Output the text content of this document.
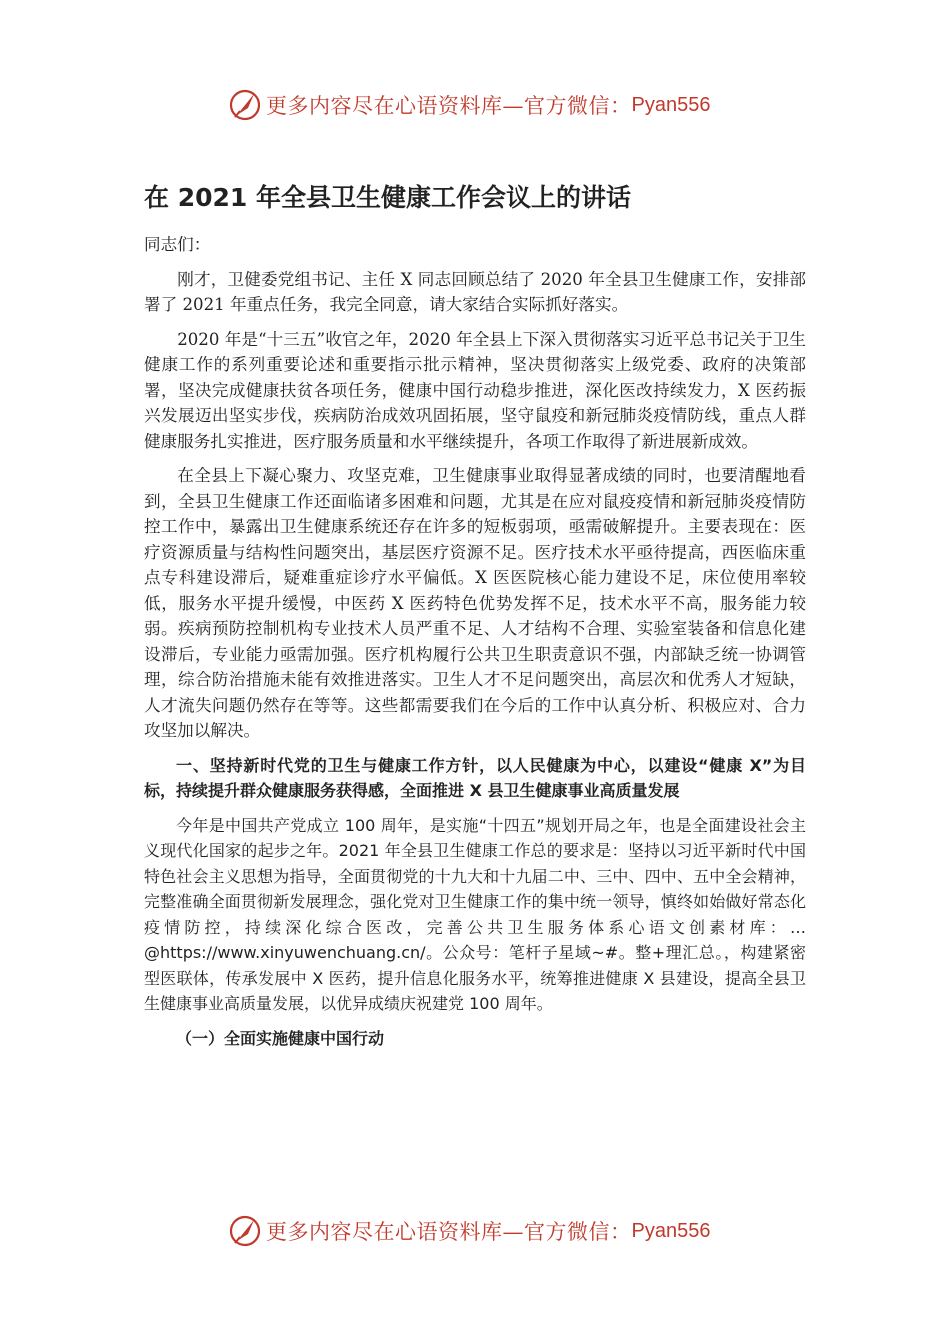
更多内容尽在心语资料库—官方微信： Pyan556
在 2021 年全县卫生健康工作会议上的讲话

同志们：

刚才，卫健委党组书记、主任 X 同志回顾总结了 2020 年全县卫生健康工作，安排部署了 2021 年重点任务，我完全同意，请大家结合实际抓好落实。

2020 年是“十三五”收官之年，2020 年全县上下深入贯彻落实习近平总书记关于卫生健康工作的系列重要论述和重要指示批示精神，坚决贯彻落实上级党委、政府的决策部署，坚决完成健康扶贫各项任务，健康中国行动稳步推进，深化医改持续发力，X 医药振兴发展迈出坚实步伐，疾病防治成效巩固拓展，坚守鼠疫和新冠肺炎疫情防线，重点人群健康服务扎实推进，医疗服务质量和水平继续提升，各项工作取得了新进展新成效。

在全县上下凝心聚力、攻坚克难，卫生健康事业取得显著成绩的同时，也要清醒地看到，全县卫生健康工作还面临诸多困难和问题，尤其是在应对鼠疫疫情和新冠肺炎疫情防控工作中，暴露出卫生健康系统还存在许多的短板弱项，亟需破解提升。主要表现在：医疗资源质量与结构性问题突出，基层医疗资源不足。医疗技术水平亟待提高，西医临床重点专科建设滞后，疑难重症诊疗水平偏低。X 医医院核心能力建设不足，床位使用率较低，服务水平提升缓慢，中医药 X 医药特色优势发挥不足，技术水平不高，服务能力较弱。疾病预防控制机构专业技术人员严重不足、人才结构不合理、实验室装备和信息化建设滞后，专业能力亟需加强。医疗机构履行公共卫生职责意识不强，内部缺乏统一协调管理，综合防治措施未能有效推进落实。卫生人才不足问题突出，高层次和优秀人才短缺，人才流失问题仍然存在等等。这些都需要我们在今后的工作中认真分析、积极应对、合力攻坚加以解决。

一、坚持新时代党的卫生与健康工作方针，以人民健康为中心，以建设“健康 X”为目标，持续提升群众健康服务获得感，全面推进 X 县卫生健康事业高质量发展

今年是中国共产党成立 100 周年，是实施“十四五”规划开局之年，也是全面建设社会主义现代化国家的起步之年。2021 年全县卫生健康工作总的要求是：坚持以习近平新时代中国特色社会主义思想为指导，全面贯彻党的十九大和十九届二中、三中、四中、五中全会精神，完整准确全面贯彻新发展理念，强化党对卫生健康工作的集中统一领导，慎终如始做好常态化疫情防控，持续深化综合医改，完善公共卫生服务体系心语文创素材库：… @https://www.xinyuwenchuang.cn/。公众号：笔杆子星域~#。整+理汇总。，构建紧密型医联体，传承发展中 X 医药，提升信息化服务水平，统筹推进健康 X 县建设，提高全县卫生健康事业高质量发展，以优异成绩庆祝建党 100 周年。

（一）全面实施健康中国行动

更多内容尽在心语资料库—官方微信： Pyan556
